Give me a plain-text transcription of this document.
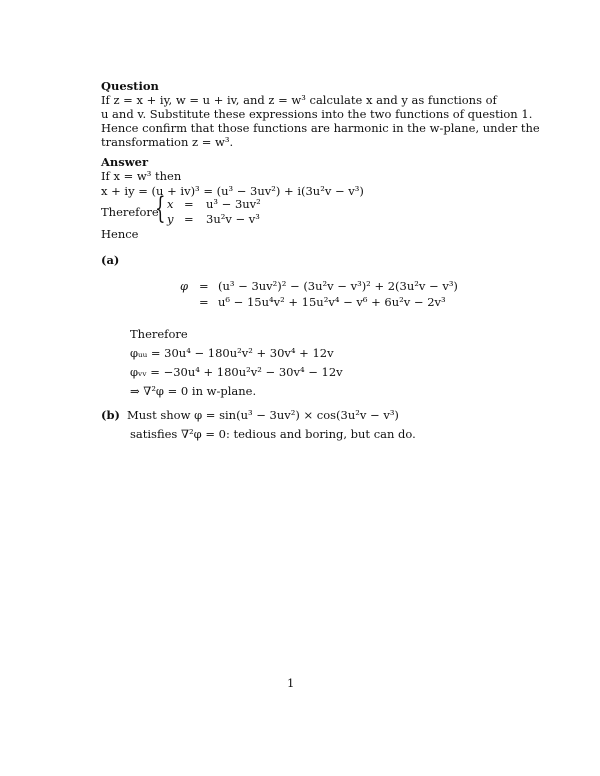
Question
If z = x + iy, w = u + iv, and z = w³ calculate x and y as functions of
u and v. Substitute these expressions into the two functions of question 1.
Hence confirm that those functions are harmonic in the w-plane, under the
transformation z = w³.
Answer
If x = w³ then
x + iy = (u + iv)³ = (u³ − 3uv²) + i(3u²v − v³)
Therefore
{ x = u³ − 3uv²
y = 3u²v − v³
Hence
(a)
φ = (u³ − 3uv²)² − (3u²v − v³)² + 2(3u²v − v³)
= u⁶ − 15u⁴v² + 15u²v⁴ − v⁶ + 6u²v − 2v³
Therefore
φᵤᵤ = 30u⁴ − 180u²v² + 30v⁴ + 12v
φᵥᵥ = −30u⁴ + 180u²v² − 30v⁴ − 12v
⇒ ∇²φ = 0 in w-plane.
(b) Must show φ = sin(u³ − 3uv²) × cos(3u²v − v³)
satisfies ∇²φ = 0: tedious and boring, but can do.
1
